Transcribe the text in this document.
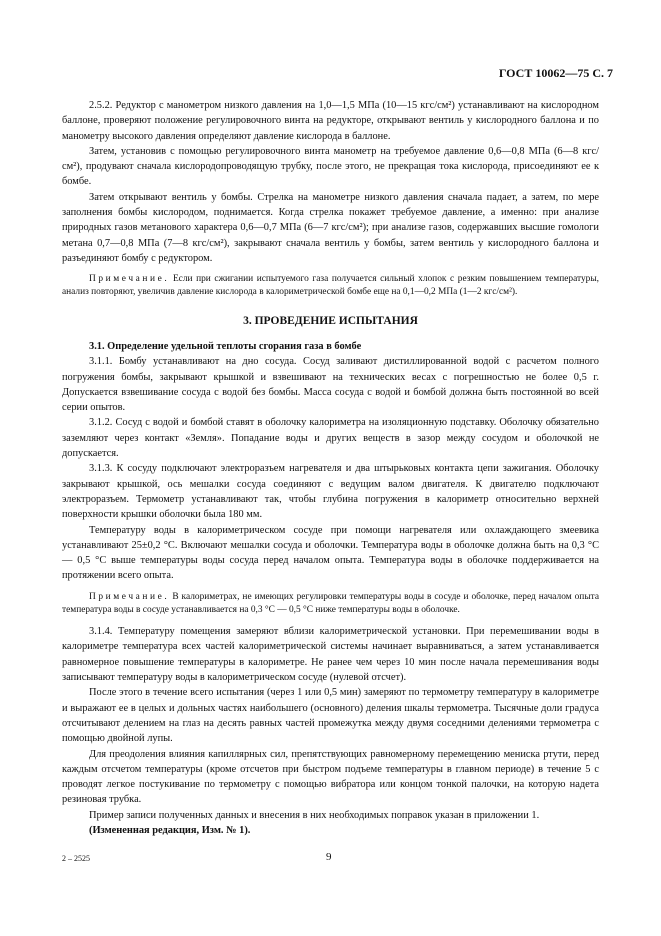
ГОСТ 10062—75 С. 7

2.5.2. Редуктор с манометром низкого давления на 1,0—1,5 МПа (10—15 кгс/см²) устанавливают на кислородном баллоне, проверяют положение регулировочного винта на редукторе, открывают вентиль у кислородного баллона и по манометру высокого давления определяют давление кислорода в баллоне.

Затем, установив с помощью регулировочного винта манометр на требуемое давление 0,6—0,8 МПа (6—8 кгс/см²), продувают сначала кислородопроводящую трубку, после этого, не прекращая тока кислорода, присоединяют ее к бомбе.

Затем открывают вентиль у бомбы. Стрелка на манометре низкого давления сначала падает, а затем, по мере заполнения бомбы кислородом, поднимается. Когда стрелка покажет требуемое давление, а именно: при анализе природных газов метанового характера 0,6—0,7 МПа (6—7 кгс/см²); при анализе газов, содержавших высшие гомологи метана 0,7—0,8 МПа (7—8 кгс/см²), закрывают сначала вентиль у бомбы, затем вентиль у кислородного баллона и разъединяют бомбу с редуктором.

Примечание. Если при сжигании испытуемого газа получается сильный хлопок с резким повышением температуры, анализ повторяют, увеличив давление кислорода в калориметрической бомбе еще на 0,1—0,2 МПа (1—2 кгс/см²).

3. ПРОВЕДЕНИЕ ИСПЫТАНИЯ

3.1. Определение удельной теплоты сгорания газа в бомбе

3.1.1. Бомбу устанавливают на дно сосуда. Сосуд заливают дистиллированной водой с расчетом полного погружения бомбы, закрывают крышкой и взвешивают на технических весах с погрешностью не более 0,5 г. Допускается взвешивание сосуда с водой без бомбы. Масса сосуда с водой и бомбой должна быть постоянной во всей серии опытов.

3.1.2. Сосуд с водой и бомбой ставят в оболочку калориметра на изоляционную подставку. Оболочку обязательно заземляют через контакт «Земля». Попадание воды и других веществ в зазор между сосудом и оболочкой не допускается.

3.1.3. К сосуду подключают электроразъем нагревателя и два штырьковых контакта цепи зажигания. Оболочку закрывают крышкой, ось мешалки сосуда соединяют с ведущим валом двигателя. К двигателю подключают электроразъем. Термометр устанавливают так, чтобы глубина погружения в калориметр относительно верхней поверхности крышки оболочки была 180 мм.

Температуру воды в калориметрическом сосуде при помощи нагревателя или охлаждающего змеевика устанавливают 25±0,2 °С. Включают мешалки сосуда и оболочки. Температура воды в оболочке должна быть на 0,3 °С — 0,5 °С выше температуры воды сосуда перед началом опыта. Температура воды в оболочке поддерживается на протяжении всего опыта.

Примечание. В калориметрах, не имеющих регулировки температуры воды в сосуде и оболочке, перед началом опыта температура воды в сосуде устанавливается на 0,3 °С — 0,5 °С ниже температуры воды в оболочке.

3.1.4. Температуру помещения замеряют вблизи калориметрической установки. При перемешивании воды в калориметре температура всех частей калориметрической системы начинает выравниваться, а затем устанавливается равномерное повышение температуры в калориметре. Не ранее чем через 10 мин после начала перемешивания воды записывают температуру воды в калориметрическом сосуде (нулевой отсчет).

После этого в течение всего испытания (через 1 или 0,5 мин) замеряют по термометру температуру в калориметре и выражают ее в целых и дольных частях наибольшего (основного) деления шкалы термометра. Тысячные доли градуса отсчитывают делением на глаз на десять равных частей промежутка между двумя соседними делениями термометра с помощью двойной лупы.

Для преодоления влияния капиллярных сил, препятствующих равномерному перемещению мениска ртути, перед каждым отсчетом температуры (кроме отсчетов при быстром подъеме температуры в главном периоде) в течение 5 с проводят легкое постукивание по термометру с помощью вибратора или концом тонкой палочки, на которую надета резиновая трубка.

Пример записи полученных данных и внесения в них необходимых поправок указан в приложении 1.

(Измененная редакция, Изм. № 1).

2 – 2525	9
